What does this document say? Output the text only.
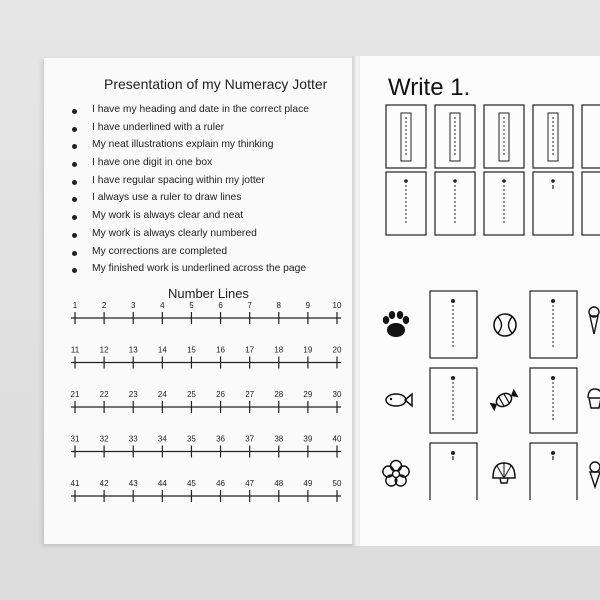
Presentation of my Numeracy Jotter
I have my heading and date in the correct place
I have underlined with a ruler
My neat illustrations explain my thinking
I have one digit in one box
I have regular spacing within my jotter
I always use a ruler to draw lines
My work is always clear and neat
My work is always clearly numbered
My corrections are completed
My finished work is underlined across the page
Number Lines
1	2	3	4	5	6	7	8	9	10
11	12	13	14	15	16	17	18	19	20
21	22	23	24	25	26	27	28	29	30
31	32	33	34	35	36	37	38	39	40
41	42	43	44	45	46	47	48	49	50
Write 1.
